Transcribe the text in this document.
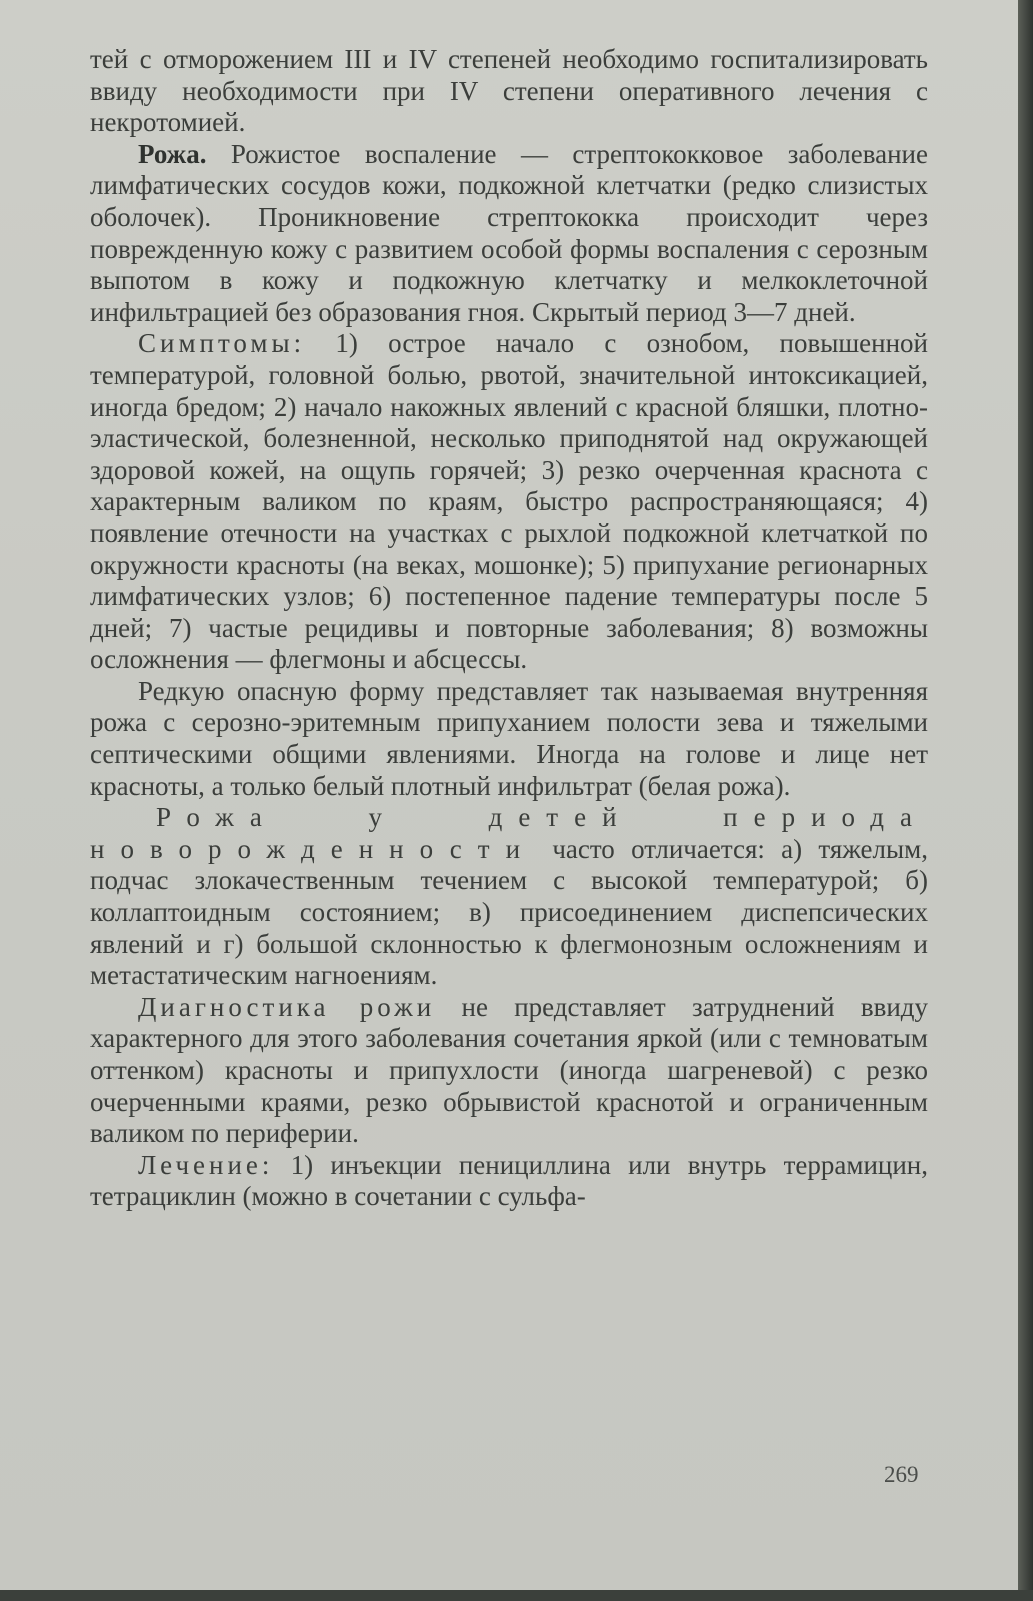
тей с отморожением III и IV степеней необходимо госпитализировать ввиду необходимости при IV степени оперативного лечения с некротомией.

Рожа. Рожистое воспаление — стрептококковое заболевание лимфатических сосудов кожи, подкожной клетчатки (редко слизистых оболочек). Проникновение стрептококка происходит через поврежденную кожу с развитием особой формы воспаления с серозным выпотом в кожу и подкожную клетчатку и мелкоклеточной инфильтрацией без образования гноя. Скрытый период 3—7 дней.

Симптомы: 1) острое начало с ознобом, повышенной температурой, головной болью, рвотой, значительной интоксикацией, иногда бредом; 2) начало накожных явлений с красной бляшки, плотно-эластической, болезненной, несколько приподнятой над окружающей здоровой кожей, на ощупь горячей; 3) резко очерченная краснота с характерным валиком по краям, быстро распространяющаяся; 4) появление отечности на участках с рыхлой подкожной клетчаткой по окружности красноты (на веках, мошонке); 5) припухание регионарных лимфатических узлов; 6) постепенное падение температуры после 5 дней; 7) частые рецидивы и повторные заболевания; 8) возможны осложнения — флегмоны и абсцессы.

Редкую опасную форму представляет так называемая внутренняя рожа с серозно-эритемным припуханием полости зева и тяжелыми септическими общими явлениями. Иногда на голове и лице нет красноты, а только белый плотный инфильтрат (белая рожа).

Рожа у детей периода новорожденности часто отличается: а) тяжелым, подчас злокачественным течением с высокой температурой; б) коллаптоидным состоянием; в) присоединением диспепсических явлений и г) большой склонностью к флегмонозным осложнениям и метастатическим нагноениям.

Диагностика рожи не представляет затруднений ввиду характерного для этого заболевания сочетания яркой (или с темноватым оттенком) красноты и припухлости (иногда шагреневой) с резко очерченными краями, резко обрывистой краснотой и ограниченным валиком по периферии.

Лечение: 1) инъекции пенициллина или внутрь террамицин, тетрациклин (можно в сочетании с сульфа-

269
